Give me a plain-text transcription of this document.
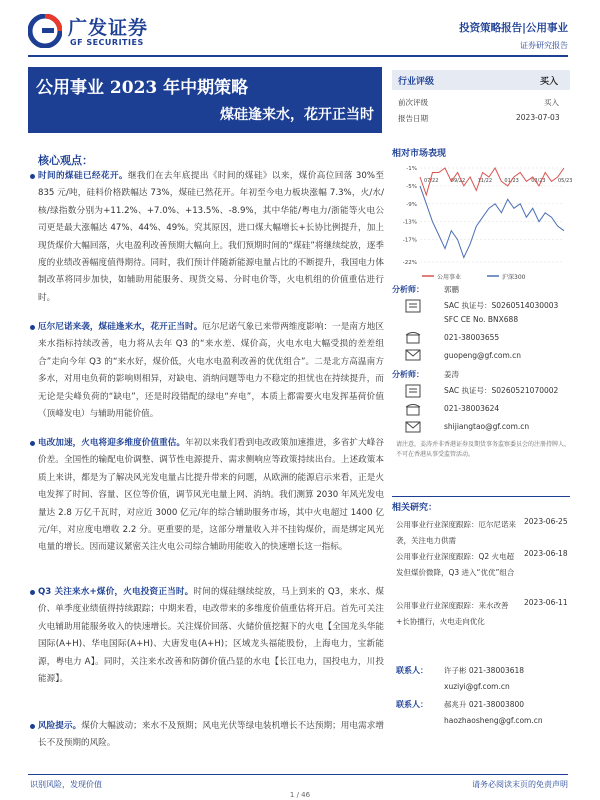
广发证券
GF SECURITIES
投资策略报告|公用事业
证券研究报告
公用事业 2023 年中期策略
煤硅逢来水，花开正当时
行业评级	买入
前次评级	买入
报告日期	2023-07-03
相对市场表现
-1%
-5%
-9%
-13%
-17%
-22%
07/22 09/22 11/22 01/23 03/23 05/23
公用事业	沪深300
核心观点：
时间的煤硅已经花开。继我们在去年底提出《时间的煤硅》以来，煤价高位回落 30%至 835 元/吨，硅料价格跌幅达 73%，煤硅已然花开。年初至今电力板块涨幅 7.3%，火/水/核/绿指数分别为+11.2%、+7.0%、+13.5%、-8.9%，其中华能/粤电力/浙能等火电公司更是最大涨幅达 47%、44%、49%。究其原因，进口煤大幅增长+长协比例提升，加上现货煤价大幅回落，火电盈利改善预期大幅向上。我们预期时间的“煤硅”将继续绽放，逐季度的业绩改善幅度值得期待。同时，我们预计伴随新能源电量占比的不断提升，我国电力体制改革将同步加快，如辅助用能服务、现货交易、分时电价等，火电机组的价值重估进行时。
厄尔尼诺来袭，煤硅逢来水，花开正当时。厄尔尼诺气象已来带两维度影响：一是南方地区来水指标持续改善，电力将从去年 Q3 的“来水差、煤价高，火电水电大幅受损的差差组合”走向今年 Q3 的“来水好，煤价低，火电水电盈利改善的优优组合”。二是北方高温南方多水，对用电负荷的影响则相异，对缺电、消纳问题等电力不稳定的担忧也在持续提升，而无论是尖峰负荷的“缺电”，还是时段错配的绿电“弃电”，本质上都需要火电发挥基荷价值（顶峰发电）与辅助用能价值。
电改加速，火电将迎多维度价值重估。年初以来我们看到电改政策加速推进，多省扩大峰谷价差。全国性的输配电价调整、调节性电源提升、需求侧响应等政策持续出台。上述政策本质上来讲，都是为了解决风光发电量占比提升带来的问题，从欧洲的能源启示来看，正是火电发挥了时间、容量、区位等价值，调节风光电量上网、消纳。我们测算 2030 年风光发电量达 2.8 万亿千瓦时，对应近 3000 亿元/年的综合辅助服务市场，其中火电超过 1400 亿元/年，对应度电增收 2.2 分。更重要的是，这部分增量收入并不挂钩煤价，而是绑定风光电量的增长。因而建议紧密关注火电公司综合辅助用能收入的快速增长这一指标。
Q3 关注来水+煤价，火电投资正当时。时间的煤硅继续绽放，马上到来的 Q3，来水、煤价、单季度业绩值得持续跟踪；中期来看，电改带来的多维度价值重估将开启。首先可关注火电辅助用能服务收入的快速增长。关注煤价回落、火储价值挖掘下的火电【全国龙头华能国际(A+H)、华电国际(A+H)、大唐发电(A+H)；区域龙头福能股份，上海电力，宝新能源，粤电力 A】。同时，关注来水改善和防御价值凸显的水电【长江电力，国投电力，川投能源】。
风险提示。煤价大幅波动；来水不及预期；风电光伏等绿电装机增长不达预期；用电需求增长不及预期的风险。
分析师：	郭鹏
SAC 执证号：S0260514030003
SFC CE No. BNX688
021-38003655
guopeng@gf.com.cn
分析师：	姜涛
SAC 执证号：S0260521070002
021-38003624
shijiangtao@gf.com.cn
请注意，姜涛并非香港证券及期货事务监察委员会的注册持牌人，不可在香港从事受监管活动。
相关研究：
公用事业行业深度跟踪：厄尔尼诺来袭，关注电力供需
2023-06-25
公用事业行业深度跟踪：Q2 火电超发但煤价微降，Q3 进入“优优”组合
2023-06-18
公用事业行业深度跟踪：来水改善+长协擅行，火电走向优化
2023-06-11
联系人： 许子彬 021-38003618
xuziyi@gf.com.cn
联系人： 郝兆升 021-38003800
haozhaosheng@gf.com.cn
识别风险，发现价值	请务必阅读末页的免责声明
1 / 46
